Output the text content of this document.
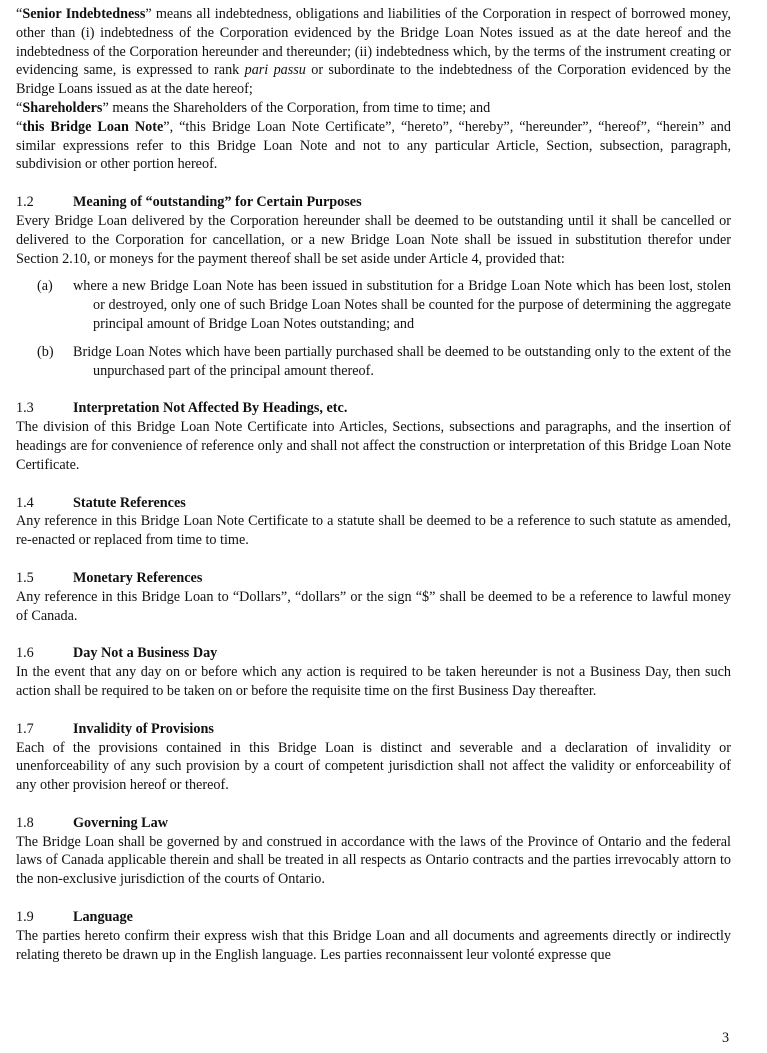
“Senior Indebtedness” means all indebtedness, obligations and liabilities of the Corporation in respect of borrowed money, other than (i) indebtedness of the Corporation evidenced by the Bridge Loan Notes issued as at the date hereof and the indebtedness of the Corporation hereunder and thereunder; (ii) indebtedness which, by the terms of the instrument creating or evidencing same, is expressed to rank pari passu or subordinate to the indebtedness of the Corporation evidenced by the Bridge Loans issued as at the date hereof;

“Shareholders” means the Shareholders of the Corporation, from time to time; and

“this Bridge Loan Note”, “this Bridge Loan Note Certificate”, “hereto”, “hereby”, “hereunder”, “hereof”, “herein” and similar expressions refer to this Bridge Loan Note and not to any particular Article, Section, subsection, paragraph, subdivision or other portion hereof.

1.2	Meaning of “outstanding” for Certain Purposes

Every Bridge Loan delivered by the Corporation hereunder shall be deemed to be outstanding until it shall be cancelled or delivered to the Corporation for cancellation, or a new Bridge Loan Note shall be issued in substitution therefor under Section 2.10, or moneys for the payment thereof shall be set aside under Article 4, provided that:

(a)	where a new Bridge Loan Note has been issued in substitution for a Bridge Loan Note which has been lost, stolen or destroyed, only one of such Bridge Loan Notes shall be counted for the purpose of determining the aggregate principal amount of Bridge Loan Notes outstanding; and
(b)	Bridge Loan Notes which have been partially purchased shall be deemed to be outstanding only to the extent of the unpurchased part of the principal amount thereof.
1.3	Interpretation Not Affected By Headings, etc.

The division of this Bridge Loan Note Certificate into Articles, Sections, subsections and paragraphs, and the insertion of headings are for convenience of reference only and shall not affect the construction or interpretation of this Bridge Loan Note Certificate.

1.4	Statute References

Any reference in this Bridge Loan Note Certificate to a statute shall be deemed to be a reference to such statute as amended, re-enacted or replaced from time to time.

1.5	Monetary References

Any reference in this Bridge Loan to “Dollars”, “dollars” or the sign “$” shall be deemed to be a reference to lawful money of Canada.

1.6	Day Not a Business Day

In the event that any day on or before which any action is required to be taken hereunder is not a Business Day, then such action shall be required to be taken on or before the requisite time on the first Business Day thereafter.

1.7	Invalidity of Provisions

Each of the provisions contained in this Bridge Loan is distinct and severable and a declaration of invalidity or unenforceability of any such provision by a court of competent jurisdiction shall not affect the validity or enforceability of any other provision hereof or thereof.

1.8	Governing Law

The Bridge Loan shall be governed by and construed in accordance with the laws of the Province of Ontario and the federal laws of Canada applicable therein and shall be treated in all respects as Ontario contracts and the parties irrevocably attorn to the non-exclusive jurisdiction of the courts of Ontario.

1.9	Language

The parties hereto confirm their express wish that this Bridge Loan and all documents and agreements directly or indirectly relating thereto be drawn up in the English language. Les parties reconnaissent leur volonté expresse que

3
